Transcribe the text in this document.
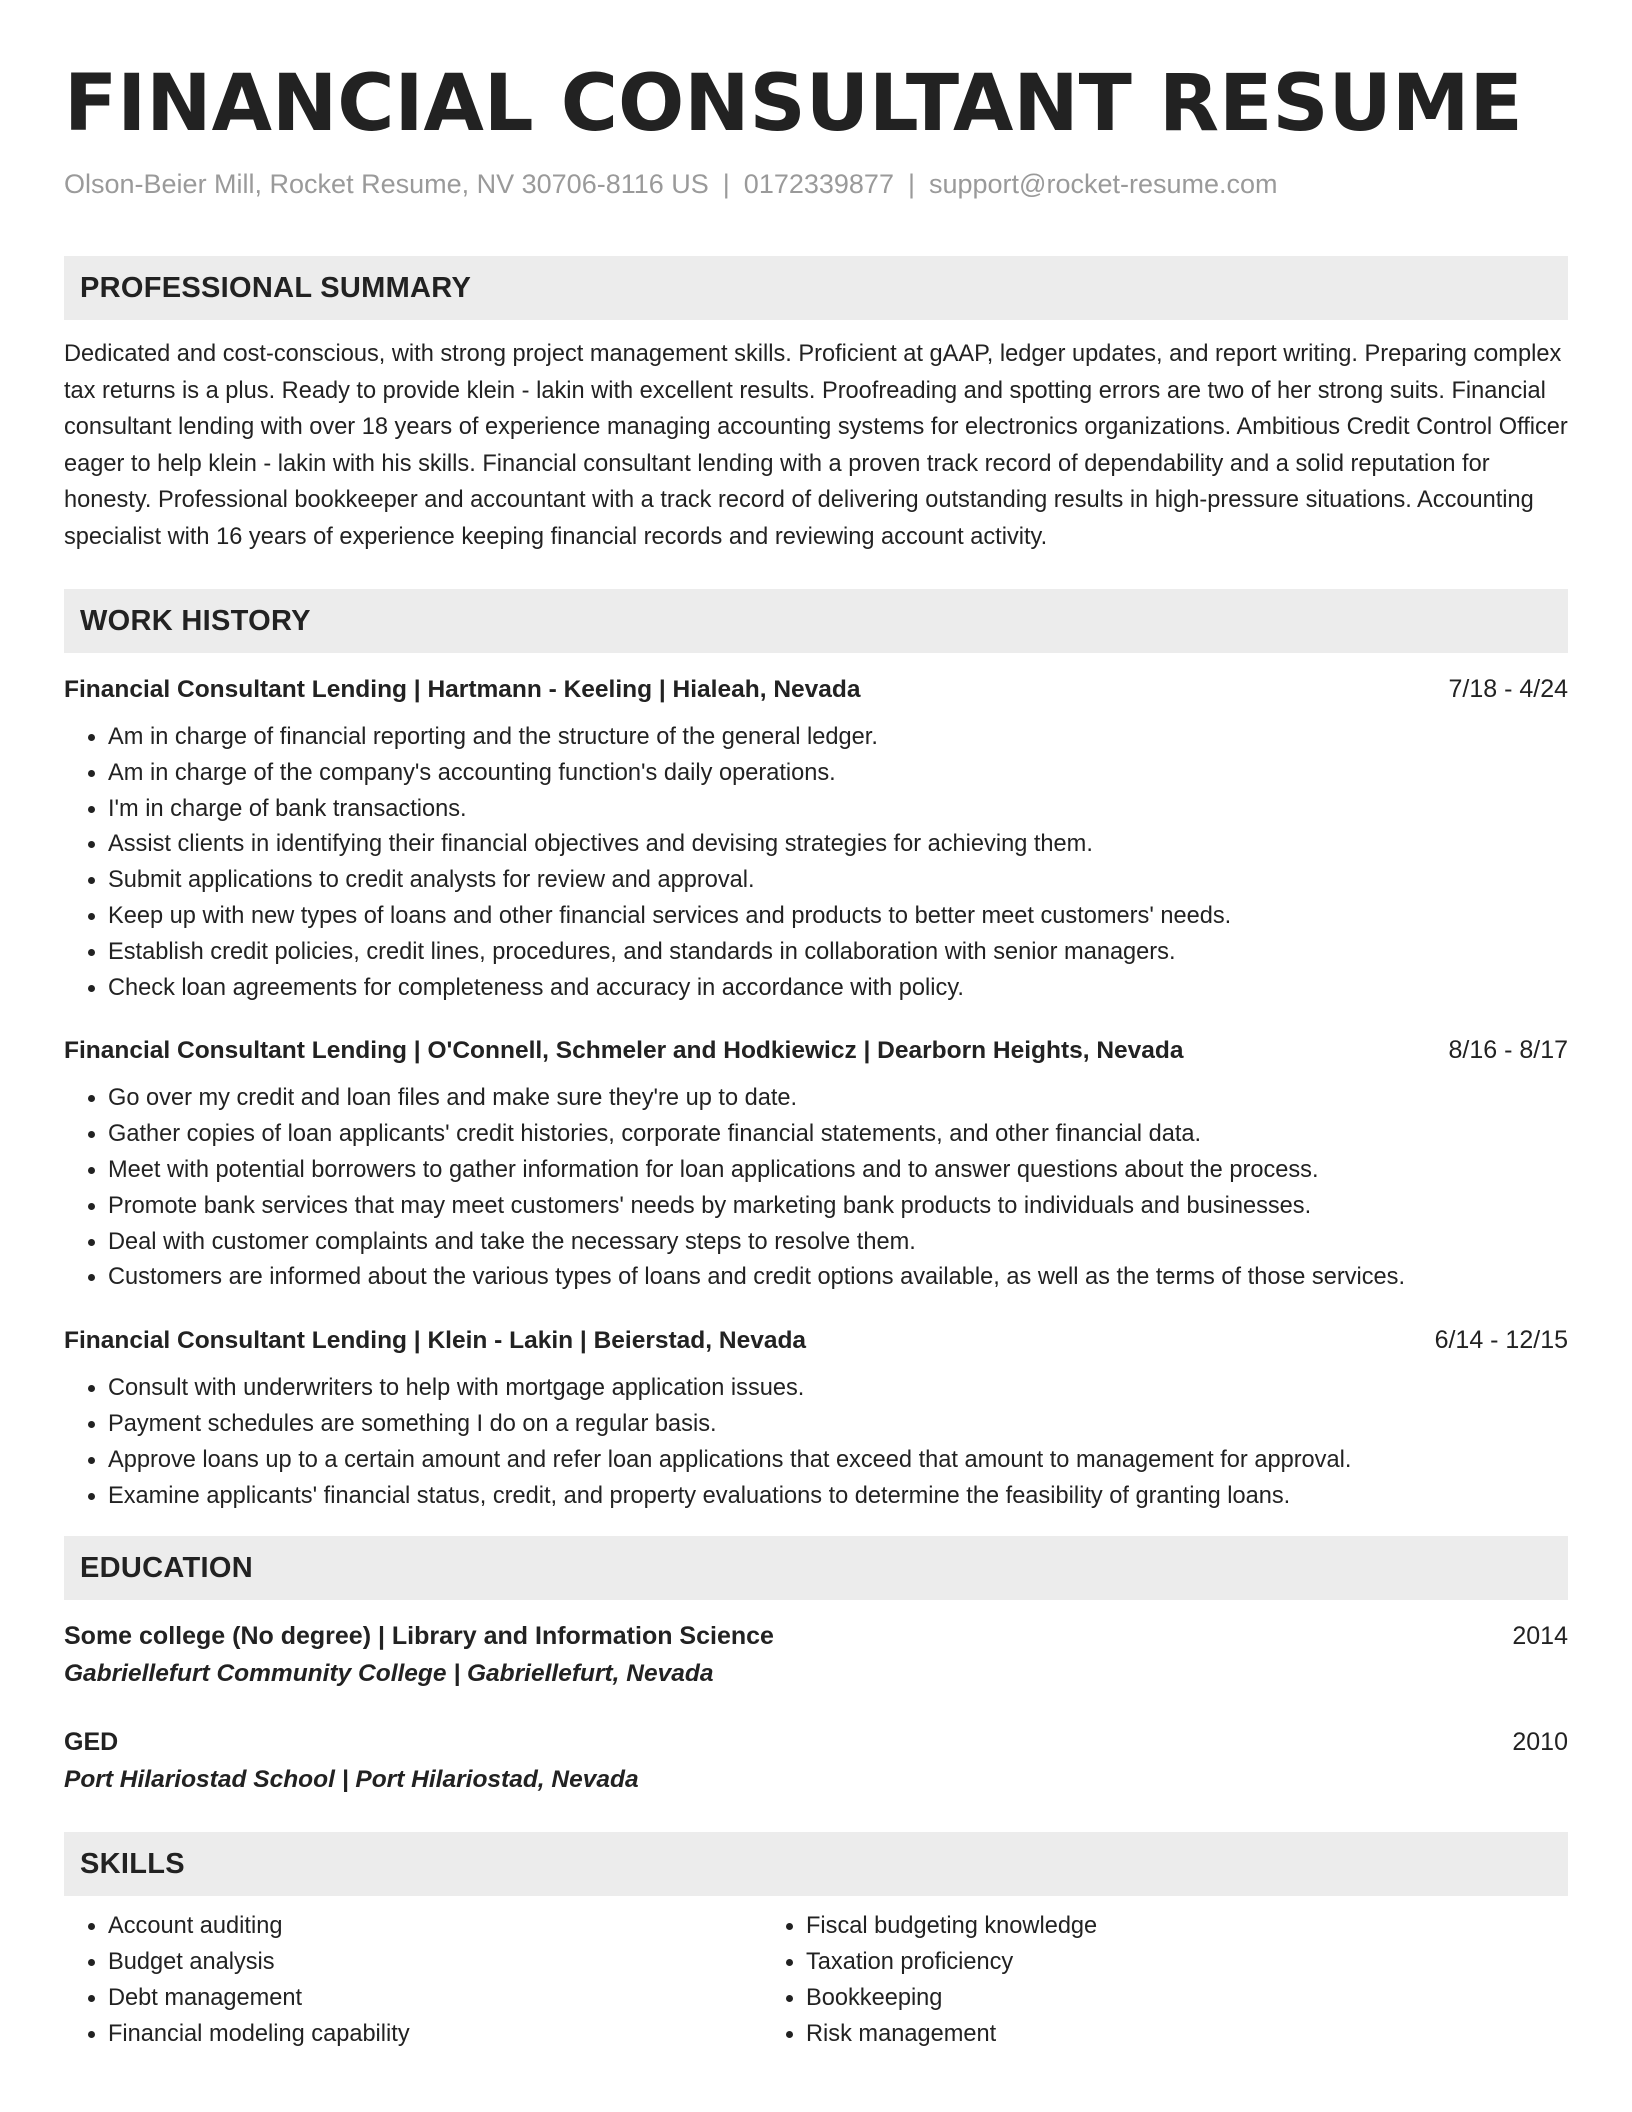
FINANCIAL CONSULTANT RESUME
Olson-Beier Mill, Rocket Resume, NV 30706-8116 US | 0172339877 | support@rocket-resume.com
PROFESSIONAL SUMMARY
Dedicated and cost-conscious, with strong project management skills. Proficient at gAAP, ledger updates, and report writing. Preparing complex tax returns is a plus. Ready to provide klein - lakin with excellent results. Proofreading and spotting errors are two of her strong suits. Financial consultant lending with over 18 years of experience managing accounting systems for electronics organizations. Ambitious Credit Control Officer eager to help klein - lakin with his skills. Financial consultant lending with a proven track record of dependability and a solid reputation for honesty. Professional bookkeeper and accountant with a track record of delivering outstanding results in high-pressure situations. Accounting specialist with 16 years of experience keeping financial records and reviewing account activity.
WORK HISTORY
Financial Consultant Lending | Hartmann - Keeling | Hialeah, Nevada	7/18 - 4/24
• Am in charge of financial reporting and the structure of the general ledger.
• Am in charge of the company's accounting function's daily operations.
• I'm in charge of bank transactions.
• Assist clients in identifying their financial objectives and devising strategies for achieving them.
• Submit applications to credit analysts for review and approval.
• Keep up with new types of loans and other financial services and products to better meet customers' needs.
• Establish credit policies, credit lines, procedures, and standards in collaboration with senior managers.
• Check loan agreements for completeness and accuracy in accordance with policy.
Financial Consultant Lending | O'Connell, Schmeler and Hodkiewicz | Dearborn Heights, Nevada	8/16 - 8/17
• Go over my credit and loan files and make sure they're up to date.
• Gather copies of loan applicants' credit histories, corporate financial statements, and other financial data.
• Meet with potential borrowers to gather information for loan applications and to answer questions about the process.
• Promote bank services that may meet customers' needs by marketing bank products to individuals and businesses.
• Deal with customer complaints and take the necessary steps to resolve them.
• Customers are informed about the various types of loans and credit options available, as well as the terms of those services.
Financial Consultant Lending | Klein - Lakin | Beierstad, Nevada	6/14 - 12/15
• Consult with underwriters to help with mortgage application issues.
• Payment schedules are something I do on a regular basis.
• Approve loans up to a certain amount and refer loan applications that exceed that amount to management for approval.
• Examine applicants' financial status, credit, and property evaluations to determine the feasibility of granting loans.
EDUCATION
Some college (No degree) | Library and Information Science	2014
Gabriellefurt Community College | Gabriellefurt, Nevada
GED	2010
Port Hilariostad School | Port Hilariostad, Nevada
SKILLS
• Account auditing
• Budget analysis
• Debt management
• Financial modeling capability
• Fiscal budgeting knowledge
• Taxation proficiency
• Bookkeeping
• Risk management
